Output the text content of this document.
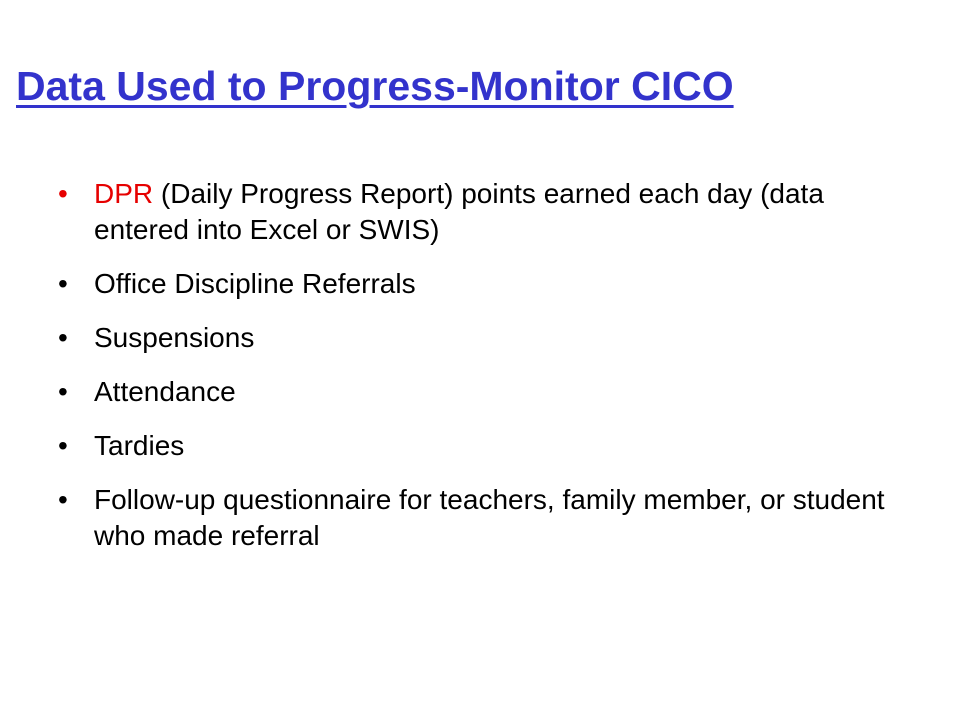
Data Used to Progress-Monitor CICO
• DPR (Daily Progress Report) points earned each day (data entered into Excel or SWIS)
• Office Discipline Referrals
• Suspensions
• Attendance
• Tardies
• Follow-up questionnaire for teachers, family member, or student who made referral
